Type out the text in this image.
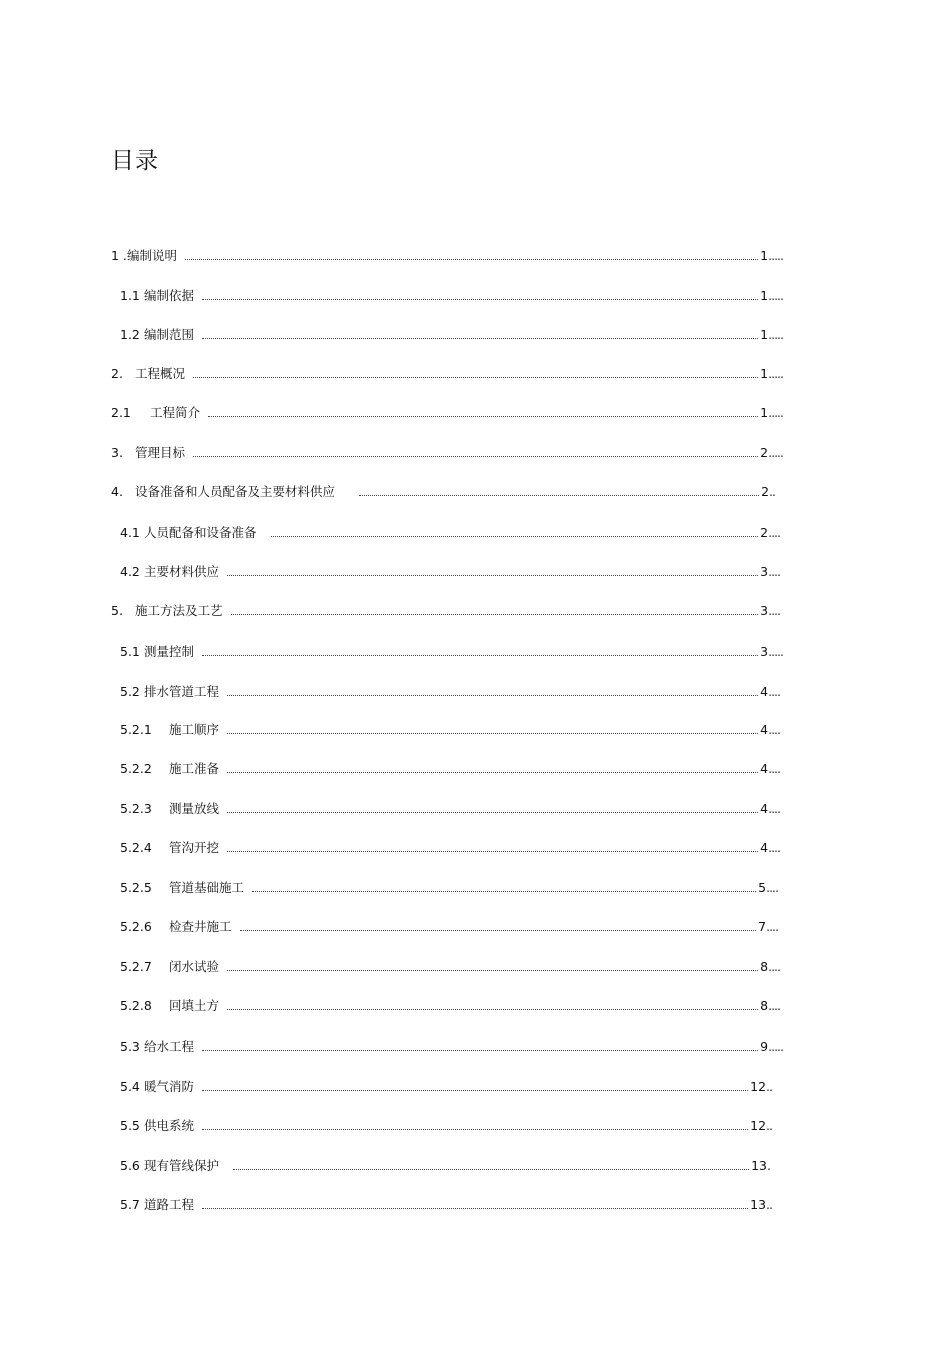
目录
1 . 编制说明	1 .....
1.1 编制依据	1 .....
1.2 编制范围	1 .....
2. 工程概况	1 .....
2.1	工程简介	1 .....
3. 管理目标	2 .....
4. 设备准备和人员配备及主要材料供应	2 ..
4.1 人员配备和设备准备	2 ....
4.2 主要材料供应	3 ....
5. 施工方法及工艺	3 ....
5.1 测量控制	3 .....
5.2 排水管道工程	4 ....
5.2.1	施工顺序	4 ....
5.2.2	施工准备	4 ....
5.2.3	测量放线	4 ....
5.2.4	管沟开挖	4 ....
5.2.5	管道基础施工	5 ....
5.2.6	检查井施工	7 ....
5.2.7	闭水试验	8 ....
5.2.8	回填土方	8 ....
5.3 给水工程	9 .....
5.4 暖气消防	12 ..
5.5 供电系统	12 ..
5.6 现有管线保护	13 .
5.7 道路工程	13 ..
